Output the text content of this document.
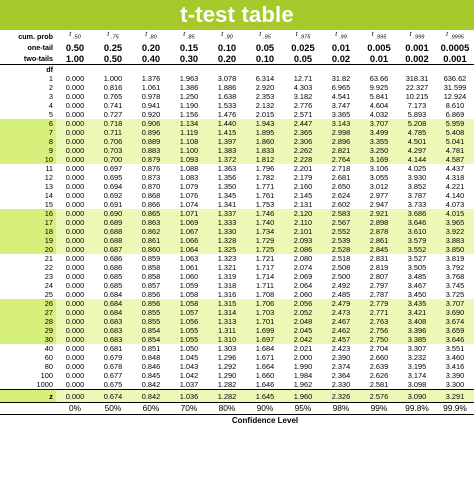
t-test table
cum. prob	t $_{.50}$	t $_{.75}$	t $_{.80}$	t $_{.85}$	t $_{.90}$	t $_{.95}$	t $_{.975}$	t $_{.99}$	t $_{.995}$	t $_{.999}$	t $_{.9995}$
one-tail	0.50	0.25	0.20	0.15	0.10	0.05	0.025	0.01	0.005	0.001	0.0005
two-tails	1.00	0.50	0.40	0.30	0.20	0.10	0.05	0.02	0.01	0.002	0.001
df											
1	0.000	1.000	1.376	1.963	3.078	6.314	12.71	31.82	63.66	318.31	636.62
2	0.000	0.816	1.061	1.386	1.886	2.920	4.303	6.965	9.925	22.327	31.599
3	0.000	0.765	0.978	1.250	1.638	2.353	3.182	4.541	5.841	10.215	12.924
4	0.000	0.741	0.941	1.190	1.533	2.132	2.776	3.747	4.604	7.173	8.610
5	0.000	0.727	0.920	1.156	1.476	2.015	2.571	3.365	4.032	5.893	6.869
6	0.000	0.718	0.906	1.134	1.440	1.943	2.447	3.143	3.707	5.208	5.959
7	0.000	0.711	0.896	1.119	1.415	1.895	2.365	2.998	3.499	4.785	5.408
8	0.000	0.706	0.889	1.108	1.397	1.860	2.306	2.896	3.355	4.501	5.041
9	0.000	0.703	0.883	1.100	1.383	1.833	2.262	2.821	3.250	4.297	4.781
10	0.000	0.700	0.879	1.093	1.372	1.812	2.228	2.764	3.169	4.144	4.587
11	0.000	0.697	0.876	1.088	1.363	1.796	2.201	2.718	3.106	4.025	4.437
12	0.000	0.695	0.873	1.083	1.356	1.782	2.179	2.681	3.055	3.930	4.318
13	0.000	0.694	0.870	1.079	1.350	1.771	2.160	2.650	3.012	3.852	4.221
14	0.000	0.692	0.868	1.076	1.345	1.761	2.145	2.624	2.977	3.787	4.140
15	0.000	0.691	0.866	1.074	1.341	1.753	2.131	2.602	2.947	3.733	4.073
16	0.000	0.690	0.865	1.071	1.337	1.746	2.120	2.583	2.921	3.686	4.015
17	0.000	0.689	0.863	1.069	1.333	1.740	2.110	2.567	2.898	3.646	3.965
18	0.000	0.688	0.862	1.067	1.330	1.734	2.101	2.552	2.878	3.610	3.922
19	0.000	0.688	0.861	1.066	1.328	1.729	2.093	2.539	2.861	3.579	3.883
20	0.000	0.687	0.860	1.064	1.325	1.725	2.086	2.528	2.845	3.552	3.850
21	0.000	0.686	0.859	1.063	1.323	1.721	2.080	2.518	2.831	3.527	3.819
22	0.000	0.686	0.858	1.061	1.321	1.717	2.074	2.508	2.819	3.505	3.792
23	0.000	0.685	0.858	1.060	1.319	1.714	2.069	2.500	2.807	3.485	3.768
24	0.000	0.685	0.857	1.059	1.318	1.711	2.064	2.492	2.797	3.467	3.745
25	0.000	0.684	0.856	1.058	1.316	1.708	2.060	2.485	2.787	3.450	3.725
26	0.000	0.684	0.856	1.058	1.315	1.706	2.056	2.479	2.779	3.435	3.707
27	0.000	0.684	0.855	1.057	1.314	1.703	2.052	2.473	2.771	3.421	3.690
28	0.000	0.683	0.855	1.056	1.313	1.701	2.048	2.467	2.763	3.408	3.674
29	0.000	0.683	0.854	1.055	1.311	1.699	2.045	2.462	2.756	3.396	3.659
30	0.000	0.683	0.854	1.055	1.310	1.697	2.042	2.457	2.750	3.385	3.646
40	0.000	0.681	0.851	1.050	1.303	1.684	2.021	2.423	2.704	3.307	3.551
60	0.000	0.679	0.848	1.045	1.296	1.671	2.000	2.390	2.660	3.232	3.460
80	0.000	0.678	0.846	1.043	1.292	1.664	1.990	2.374	2.639	3.195	3.416
100	0.000	0.677	0.845	1.042	1.290	1.660	1.984	2.364	2.626	3.174	3.390
1000	0.000	0.675	0.842	1.037	1.282	1.646	1.962	2.330	2.581	3.098	3.300
z	0.000	0.674	0.842	1.036	1.282	1.645	1.960	2.326	2.576	3.090	3.291
	0%	50%	60%	70%	80%	90%	95%	98%	99%	99.8%	99.9%
	Confidence Level										
